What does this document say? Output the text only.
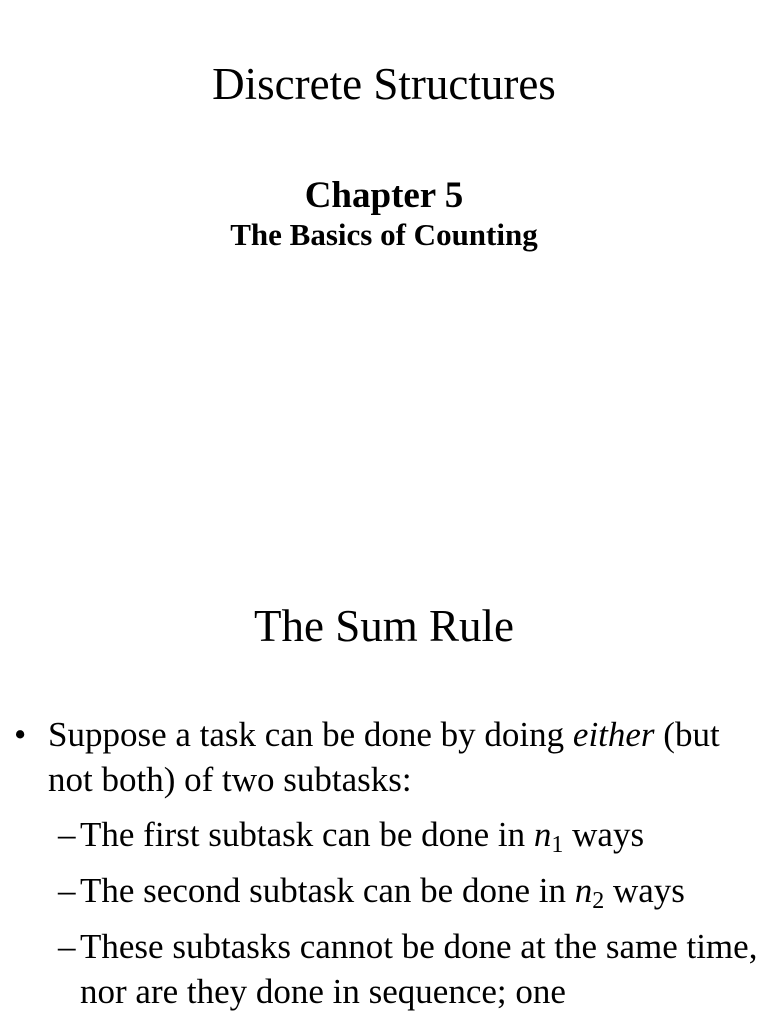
Discrete Structures
Chapter 5
The Basics of Counting
The Sum Rule
• Suppose a task can be done by doing either (but not both) of two subtasks:
– The first subtask can be done in $n_1$ ways
– The second subtask can be done in $n_2$ ways
– These subtasks cannot be done at the same time, nor are they done in sequence; one
